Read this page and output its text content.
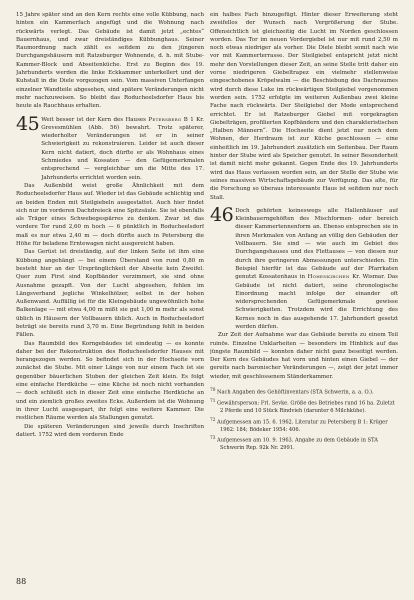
15 Jahre später sind an den Kern rechts eine volle Kübbung, nach hinten ein Kammerfach angefügt und die Wohnung nach rückwärts verlegt. Das Gebäude ist damit jetzt „echtes“ Bauernhaus, und zwar dreiständiges Kübbunghaus. Seiner Raumordnung nach zählt es seitdem zu den jüngeren Durchgangshäusern mit Ratzeburger Wohnende, d. h. mit Stube-Kammer-Block und Abseitenküche. Erst zu Beginn des 19. Jahrhunderts werden die linke Eckkammer unterkellert und der Kuhstall in die Diele vorgezogen sein. Vom massiven Unterfangen einzelner Wandteile abgesehen, sind spätere Veränderungen nicht mehr nachzuweisen. So bleibt das Roducheelsdorfer Haus bis heute als Rauchhaus erhalten.

45 Weit besser ist der Kern des Hauses Petersberg B 1 Kr. Grevesmühlen (Abb. 56) bewahrt. Trotz späterer, wiederholter Veränderungen ist er in seiner Schwierigkeit zu rekonstruieren. Leider ist auch dieser Kern nicht datiert, doch dürfte er als Wohnhaus eines Schmiedes und Kossaten — den Gefügemerkmalen entsprechend — vergleichbar um die Mitte des 17. Jahrhunderts errichtet worden sein.

Das Außenbild weist große Ähnlichkeit mit dem Roducheelsdorfer Haus auf. Wieder ist das Gebäude schlichtig und an beiden Enden mit Steilgiebeln ausgestattet. Auch hier findet sich nur im vorderen Dachdreieck eine Spitzsäule. Sie ist ebenfalls als Träger eines Schwebegespärres zu denken. Zwar ist das vordere Tor rund 2,60 m hoch — 6 pünktlich in Roducheelsdorf maß es nur etwa 2,40 m — doch dürfte auch in Petersberg die Höhe für beladene Erntewagen nicht ausgereicht haben.

Das Gerüst ist dreiständig, auf der linken Seite ist ihm eine Kübbung angehängt — bei einem Überstand von rund 0,80 m besteht hier an der Ursprünglichkeit der Abseite kein Zweifel. Quer zum First sind Kopfbänder verzimmert, sie sind ohne Ausnahme gezapft. Von der Lucht abgesehen, fehlen im Längsverband jegliche Winkelhölzer, selbst in der hohen Außenwand. Auffällig ist für die Kleingebäude ungewöhnlich hohe Balkenlage — mit etwa 4,00 m mißt sie gut 1,00 m mehr als sonst üblich in Häusern der Vollbauern üblich. Auch in Roducheelsdorf beträgt sie bereits rund 3,70 m. Eine Begründung fehlt in beiden Fällen.

Das Raumbild des Korngebäudes ist eindeutig — es konnte daher bei der Rekonstruktion des Roducheelsdorfer Hauses mit herangezogen werden. So befindet sich in der Hochseite vorn zunächst die Stube. Mit einer Länge von nur einem Fach ist sie gegenüber bäuerlichen Stuben der gleichen Zeit klein. Es folgt eine einfache Herdküche — eine Küche ist noch nicht vorhanden — doch schließt sich in dieser Zeit eine einfache Herdküche an und ein ziemlich großes zweites Ecke. Außerdem ist die Wohnung in ihrer Lucht ausgespart, ihr folgt eine weitere Kammer. Die restlichen Räume werden als Stallungen genutzt.

Die späteren Veränderungen sind jeweils durch Inschriften datiert. 1752 wird dem vorderen Ende

ein halbes Fach hinzugefügt. Hinter dieser Erweiterung steht zweifellos der Wunsch nach Vergrößerung der Stube. Offensichtlich ist gleichzeitig die Lucht im Norden geschlossen worden. Das Tor im neuen Vordergiebel ist nur mit rund 2,50 m noch etwas niedriger als vorher. Die Diele bleibt somit nach wie vor mit Kammerterrasse. Der Steilgiebel entspricht jetzt nicht mehr den Vorstellungen dieser Zeit, an seine Stelle tritt daher ein vorne niedrigeren Giebeltrapez ein vielmehr stellenweise eingeschobenes Kröpelwalm — die Beschiebung des Dachraumes wird durch diese Luke im rückwärtigen Steilgiebel vorgenommen worden sein. 1752 erfolgte im weiteren Außenbau zwei kleine Fache nach rückwärts. Der Steilgiebel der Mode entsprechend errichtet. Er ist Ratzeburger Giebel mit vorgekragten Giebelträgen, profilierten Kopfbändern und den charakteristischen „Halben Männern“. Die Hochseite dient jetzt nur noch dem Wohnen, der Herdraum ist zur Küche geschlossen — eine einheitlich im 19. Jahrhundert zusätzlich ein Seitenbau. Der Raum hinter der Stube wird als Speicher genutzt. In seiner Besonderheit ist damit nicht mehr gekannt. Gegen Ende des 19. Jahrhunderts wird das Haus verlassen worden sein, an der Stelle der Stube wie seines massiven Wirtschaftsgebäude zur Verfügung. Das alte, für die Forschung so überaus interessante Haus ist seitdem nur noch Stall.

46 Doch gehörten keineswegs alle Hallenhäuser auf Kleinbauerngehöften des Mischformen- oder bereich dieser Kammertennenform an. Ebenso entsprechen sie in ihren Merkmalen von Anfang an völlig den Gebäuden der Vollbauern. Sie sind — wie auch im Gebiet des Durchgangshauses und des Flettauses — von diesen nur durch ihre geringeren Abmessungen unterschieden. Ein Beispiel hierfür ist das Gebäude auf der Pfarrkaten genutzt Kossatenhaus in Hohenkirchen Kr. Wismar. Das Gebäude ist nicht datiert, seine chronologische Einordnung macht infolge der einander oft widersprechenden Gefügemerkmale gewisse Schwierigkeiten. Trotzdem wird die Errichtung des Kernes noch in das ausgehende 17. Jahrhundert gesetzt werden dürfen.

Zur Zeit der Aufnahme war das Gebäude bereits zu einem Teil ruinös. Einzelne Unklarheiten — besonders im Hinblick auf das jüngste Raumbild — konnten daher nicht ganz beseitigt werden. Der Kern des Gebäudes hat vorn und hinten einen Giebel — der gereits nach baronischer Veränderungen —, zeigt der jetzt immer wieder, mit geschlossenem Ständerkammer.

$^{70}$ Nach Angaben des Gehöftinventars (STA Schwerin, a. a. O.).

$^{71}$ Gewährsperson: Frl. Sevke. Größe des Betriebes rund 16 ha. Zuletzt 2 Pferde und 10 Stück Rindvieh (darunter 6 Milchkühe).

$^{72}$ Aufgemessen am 15. 6. 1962. Literatur zu Petersberg B 1: Krüger 1962: 184; Bödeker 1954: 406.

$^{73}$ Aufgemessen am 10. 9. 1963. Angabe zu dem Gebäude in STA Schwerin Rep. 92k Nr. 2991.

88
